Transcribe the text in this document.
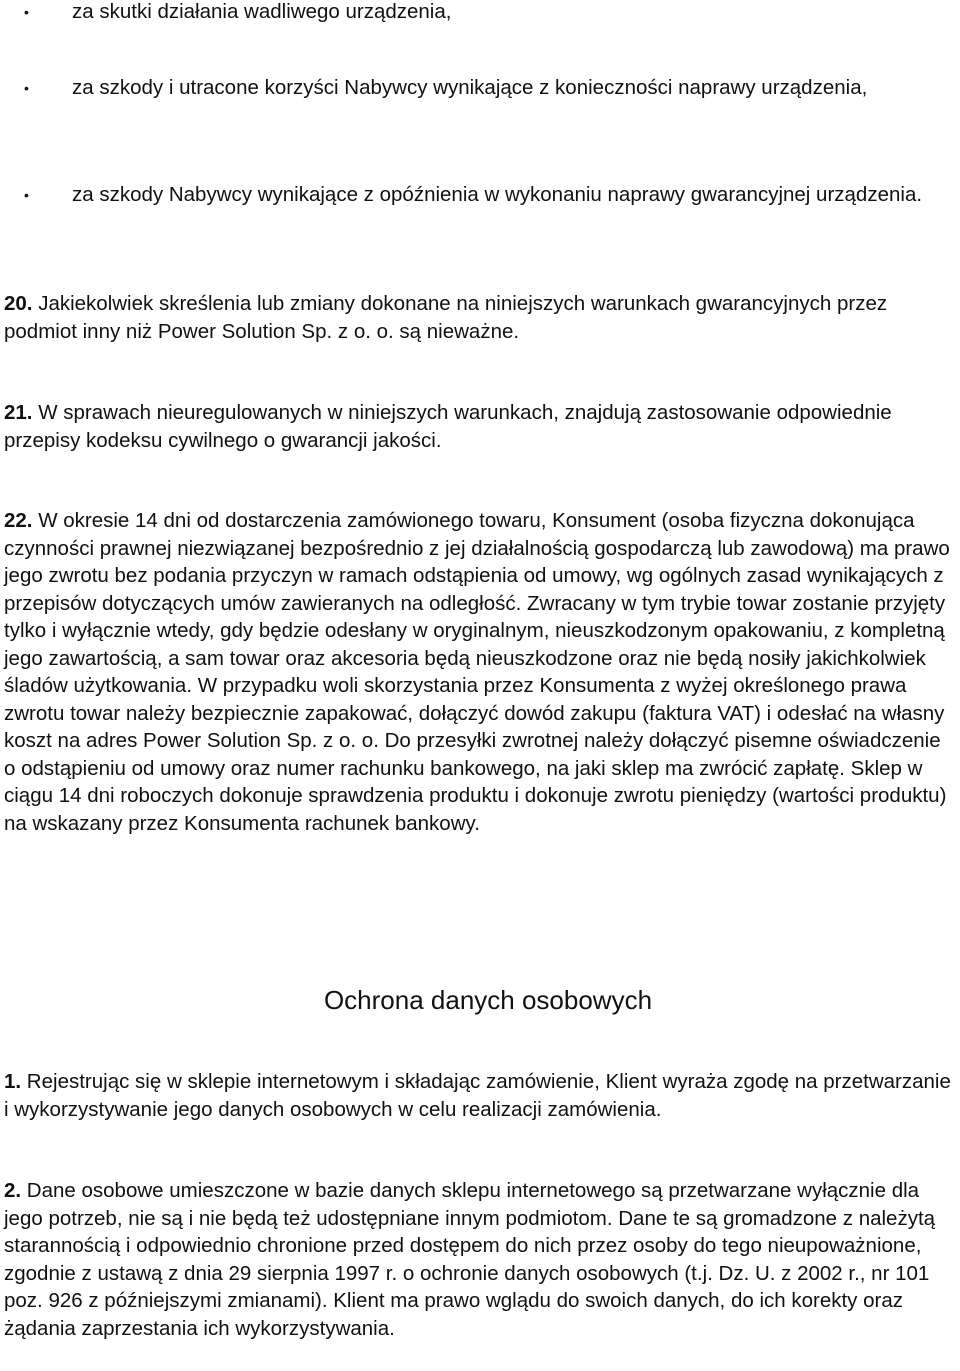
• za skutki działania wadliwego urządzenia,
• za szkody i utracone korzyści Nabywcy wynikające z konieczności naprawy urządzenia,
• za szkody Nabywcy wynikające z opóźnienia w wykonaniu naprawy gwarancyjnej urządzenia.
20. Jakiekolwiek skreślenia lub zmiany dokonane na niniejszych warunkach gwarancyjnych przez podmiot inny niż Power Solution Sp. z o. o. są nieważne.
21. W sprawach nieuregulowanych w niniejszych warunkach, znajdują zastosowanie odpowiednie przepisy kodeksu cywilnego o gwarancji jakości.
22. W okresie 14 dni od dostarczenia zamówionego towaru, Konsument (osoba fizyczna dokonująca czynności prawnej niezwiązanej bezpośrednio z jej działalnością gospodarczą lub zawodową) ma prawo jego zwrotu bez podania przyczyn w ramach odstąpienia od umowy, wg ogólnych zasad wynikających z przepisów dotyczących umów zawieranych na odległość. Zwracany w tym trybie towar zostanie przyjęty tylko i wyłącznie wtedy, gdy będzie odesłany w oryginalnym, nieuszkodzonym opakowaniu, z kompletną jego zawartością, a sam towar oraz akcesoria będą nieuszkodzone oraz nie będą nosiły jakichkolwiek śladów użytkowania. W przypadku woli skorzystania przez Konsumenta z wyżej określonego prawa zwrotu towar należy bezpiecznie zapakować, dołączyć dowód zakupu (faktura VAT) i odesłać na własny koszt na adres Power Solution Sp. z o. o. Do przesyłki zwrotnej należy dołączyć pisemne oświadczenie o odstąpieniu od umowy oraz numer rachunku bankowego, na jaki sklep ma zwrócić zapłatę. Sklep w ciągu 14 dni roboczych dokonuje sprawdzenia produktu i dokonuje zwrotu pieniędzy (wartości produktu) na wskazany przez Konsumenta rachunek bankowy.
Ochrona danych osobowych
1. Rejestrując się w sklepie internetowym i składając zamówienie, Klient wyraża zgodę na przetwarzanie i wykorzystywanie jego danych osobowych w celu realizacji zamówienia.
2. Dane osobowe umieszczone w bazie danych sklepu internetowego są przetwarzane wyłącznie dla jego potrzeb, nie są i nie będą też udostępniane innym podmiotom. Dane te są gromadzone z należytą starannością i odpowiednio chronione przed dostępem do nich przez osoby do tego nieupoważnione, zgodnie z ustawą z dnia 29 sierpnia 1997 r. o ochronie danych osobowych (t.j. Dz. U. z 2002 r., nr 101 poz. 926 z późniejszymi zmianami). Klient ma prawo wglądu do swoich danych, do ich korekty oraz żądania zaprzestania ich wykorzystywania.
